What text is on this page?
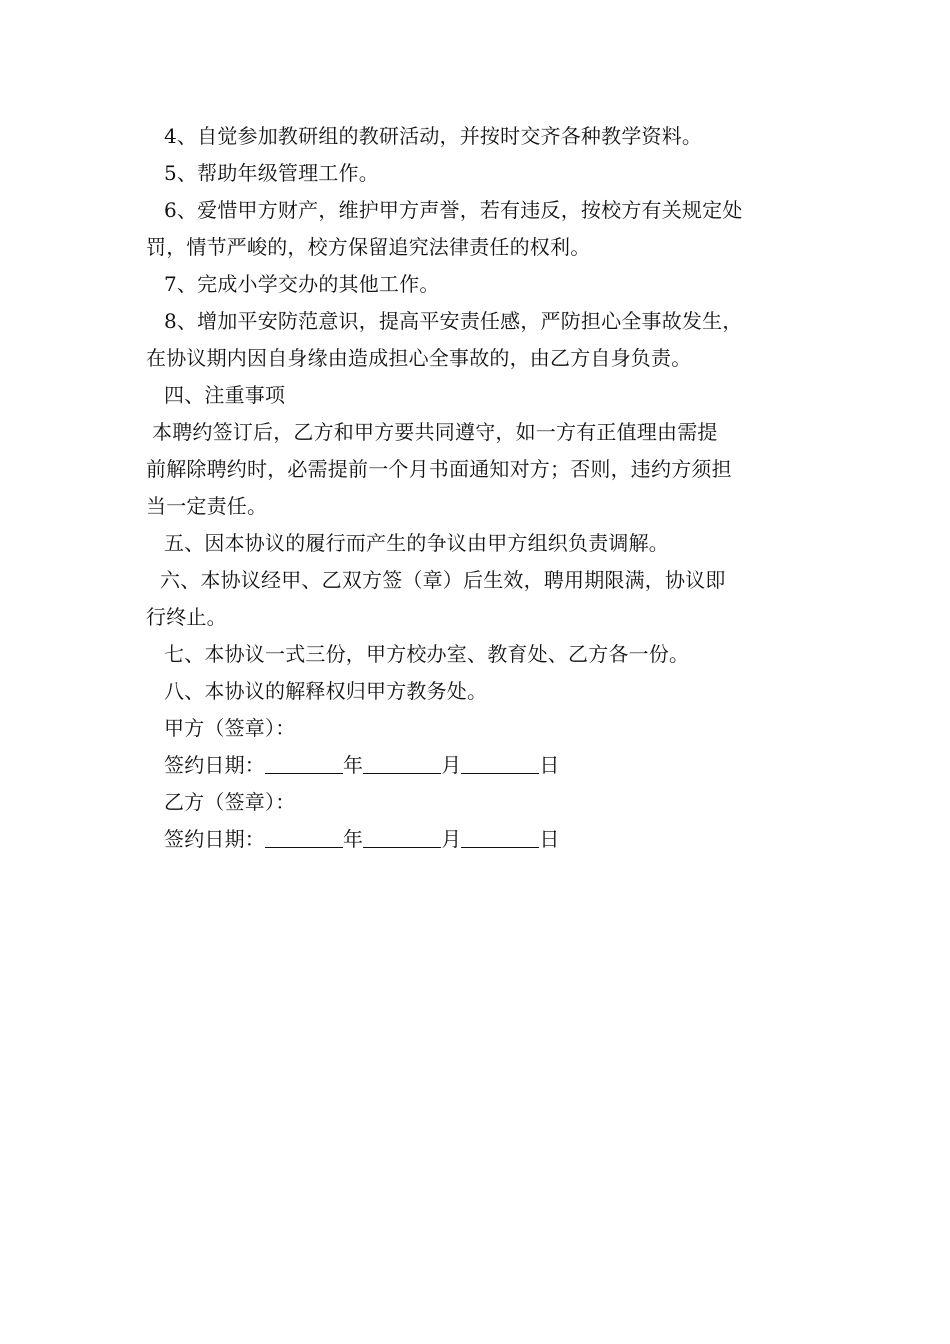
4、自觉参加教研组的教研活动，并按时交齐各种教学资料。
5、帮助年级管理工作。
6、爱惜甲方财产，维护甲方声誉，若有违反，按校方有关规定处
罚，情节严峻的，校方保留追究法律责任的权利。
7、完成小学交办的其他工作。
8、增加平安防范意识，提高平安责任感，严防担心全事故发生，
在协议期内因自身缘由造成担心全事故的，由乙方自身负责。
四、注重事项
本聘约签订后，乙方和甲方要共同遵守，如一方有正值理由需提
前解除聘约时，必需提前一个月书面通知对方；否则，违约方须担
当一定责任。
五、因本协议的履行而产生的争议由甲方组织负责调解。
六、本协议经甲、乙双方签（章）后生效，聘用期限满，协议即
行终止。
七、本协议一式三份，甲方校办室、教育处、乙方各一份。
八、本协议的解释权归甲方教务处。
甲方（签章）：
签约日期：	年	月	日
乙方（签章）：
签约日期：	年	月	日
